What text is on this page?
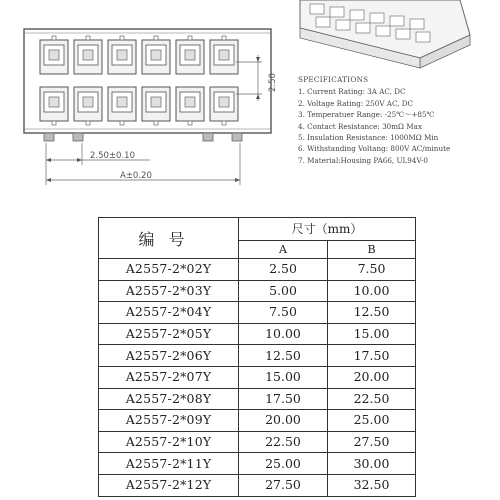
2.50±0.10
A±0.20
2.50	SPECIFICATIONS
1. Current Rating: 3A AC, DC
2. Voltage Rating: 250V AC, DC
3. Temperatuer Range: -25℃～+85℃
4. Contact Resistance: 30mΩ Max
5. Insulation Resistance: 1000MΩ Min
6. Withstanding Voltang: 800V AC/minute
7. Material:Housing PA66, UL94V-0
编号	尺寸（mm）	
	A	B
A2557-2*02Y	2.50	7.50
A2557-2*03Y	5.00	10.00
A2557-2*04Y	7.50	12.50
A2557-2*05Y	10.00	15.00
A2557-2*06Y	12.50	17.50
A2557-2*07Y	15.00	20.00
A2557-2*08Y	17.50	22.50
A2557-2*09Y	20.00	25.00
A2557-2*10Y	22.50	27.50
A2557-2*11Y	25.00	30.00
A2557-2*12Y	27.50	32.50
